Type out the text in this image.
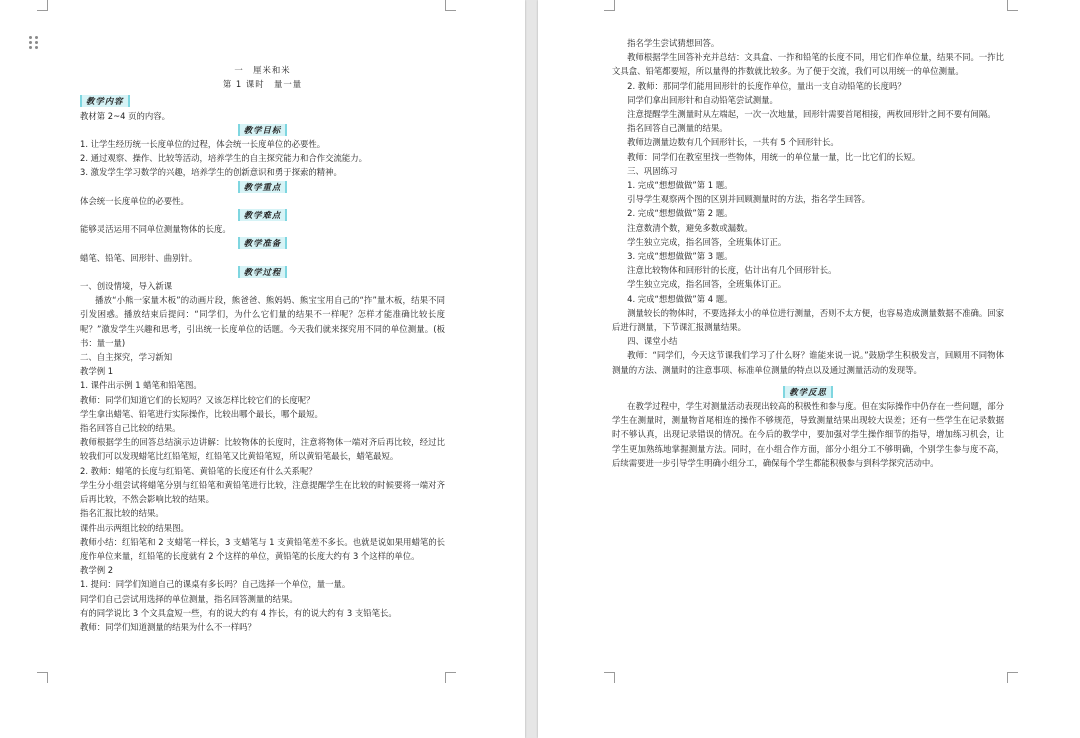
一　厘米和米
第 1 课时　量一量
教学内容
教材第 2~4 页的内容。
教学目标
1. 让学生经历统一长度单位的过程，体会统一长度单位的必要性。
2. 通过观察、操作、比较等活动，培养学生的自主探究能力和合作交流能力。
3. 激发学生学习数学的兴趣，培养学生的创新意识和勇于探索的精神。
教学重点
体会统一长度单位的必要性。
教学难点
能够灵活运用不同单位测量物体的长度。
教学准备
蜡笔、铅笔、回形针、曲别针。
教学过程
一、创设情境，导入新课
播放“小熊一家量木板”的动画片段，熊爸爸、熊妈妈、熊宝宝用自己的“拃”量木板，结果不同引发困惑。播放结束后提问：“同学们，为什么它们量的结果不一样呢？怎样才能准确比较长度呢？”激发学生兴趣和思考，引出统一长度单位的话题。今天我们就来探究用不同的单位测量。(板书：量一量)
二、自主探究，学习新知
教学例 1
1. 课件出示例 1 蜡笔和铅笔图。
教师：同学们知道它们的长短吗？又该怎样比较它们的长度呢？
学生拿出蜡笔、铅笔进行实际操作，比较出哪个最长，哪个最短。
指名回答自己比较的结果。
教师根据学生的回答总结演示边讲解：比较物体的长度时，注意将物体一端对齐后再比较，经过比较我们可以发现蜡笔比红铅笔短，红铅笔又比黄铅笔短，所以黄铅笔最长，蜡笔最短。
2. 教师：蜡笔的长度与红铅笔、黄铅笔的长度还有什么关系呢？
学生分小组尝试将蜡笔分别与红铅笔和黄铅笔进行比较，注意提醒学生在比较的时候要将一端对齐后再比较，不然会影响比较的结果。
指名汇报比较的结果。
课件出示两组比较的结果图。
教师小结：红铅笔和 2 支蜡笔一样长，3 支蜡笔与 1 支黄铅笔差不多长。也就是说如果用蜡笔的长度作单位来量，红铅笔的长度就有 2 个这样的单位，黄铅笔的长度大约有 3 个这样的单位。
教学例 2
1. 提问：同学们知道自己的课桌有多长吗？自己选择一个单位，量一量。
同学们自己尝试用选择的单位测量，指名回答测量的结果。
有的同学说比 3 个文具盒短一些，有的说大约有 4 拃长，有的说大约有 3 支铅笔长。
教师：同学们知道测量的结果为什么不一样吗？
指名学生尝试猜想回答。
教师根据学生回答补充并总结：文具盒、一拃和铅笔的长度不同，用它们作单位量，结果不同。一拃比文具盒、铅笔都要短，所以量得的拃数就比较多。为了便于交流，我们可以用统一的单位测量。
2. 教师：那同学们能用回形针的长度作单位，量出一支自动铅笔的长度吗？
同学们拿出回形针和自动铅笔尝试测量。
注意提醒学生测量时从左端起，一次一次地量，回形针需要首尾相接，两枚回形针之间不要有间隔。
指名回答自己测量的结果。
教师边测量边数有几个回形针长，一共有 5 个回形针长。
教师：同学们在教室里找一些物体，用统一的单位量一量，比一比它们的长短。
三、巩固练习
1. 完成“想想做做”第 1 题。
引导学生观察两个图的区别并回顾测量时的方法，指名学生回答。
2. 完成“想想做做”第 2 题。
注意数清个数，避免多数或漏数。
学生独立完成，指名回答，全班集体订正。
3. 完成“想想做做”第 3 题。
注意比较物体和回形针的长度，估计出有几个回形针长。
学生独立完成，指名回答，全班集体订正。
4. 完成“想想做做”第 4 题。
测量较长的物体时，不要选择太小的单位进行测量，否则不太方便，也容易造成测量数据不准确。回家后进行测量，下节课汇报测量结果。
四、课堂小结
教师：“同学们，今天这节课我们学习了什么呀？谁能来说一说。”鼓励学生积极发言，回顾用不同物体测量的方法、测量时的注意事项、标准单位测量的特点以及通过测量活动的发现等。
教学反思
在教学过程中，学生对测量活动表现出较高的积极性和参与度。但在实际操作中仍存在一些问题，部分学生在测量时，测量物首尾相连的操作不够规范，导致测量结果出现较大误差；还有一些学生在记录数据时不够认真，出现记录错误的情况。在今后的教学中，要加强对学生操作细节的指导，增加练习机会，让学生更加熟练地掌握测量方法。同时，在小组合作方面，部分小组分工不够明确，个别学生参与度不高，后续需要进一步引导学生明确小组分工，确保每个学生都能积极参与到科学探究活动中。
